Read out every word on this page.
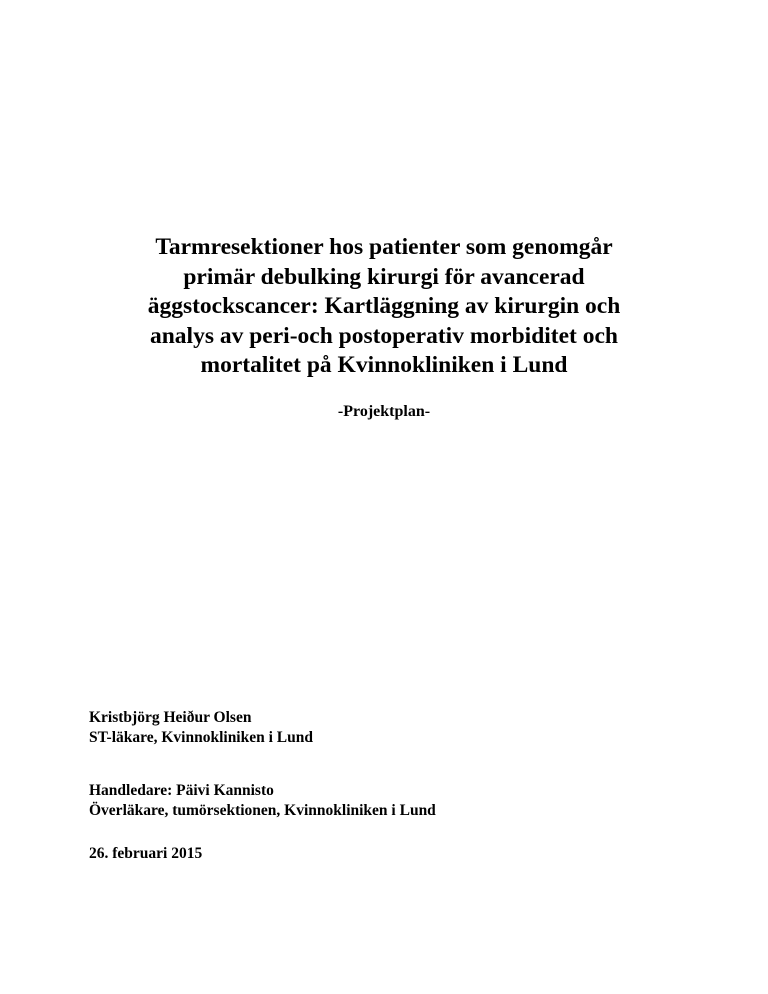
Tarmresektioner hos patienter som genomgår
primär debulking kirurgi för avancerad
äggstockscancer: Kartläggning av kirurgin och
analys av peri-och postoperativ morbiditet och
mortalitet på Kvinnokliniken i Lund
-Projektplan-
Kristbjörg Heiður Olsen
ST-läkare, Kvinnokliniken i Lund
Handledare: Päivi Kannisto
Överläkare, tumörsektionen, Kvinnokliniken i Lund
26. februari 2015
